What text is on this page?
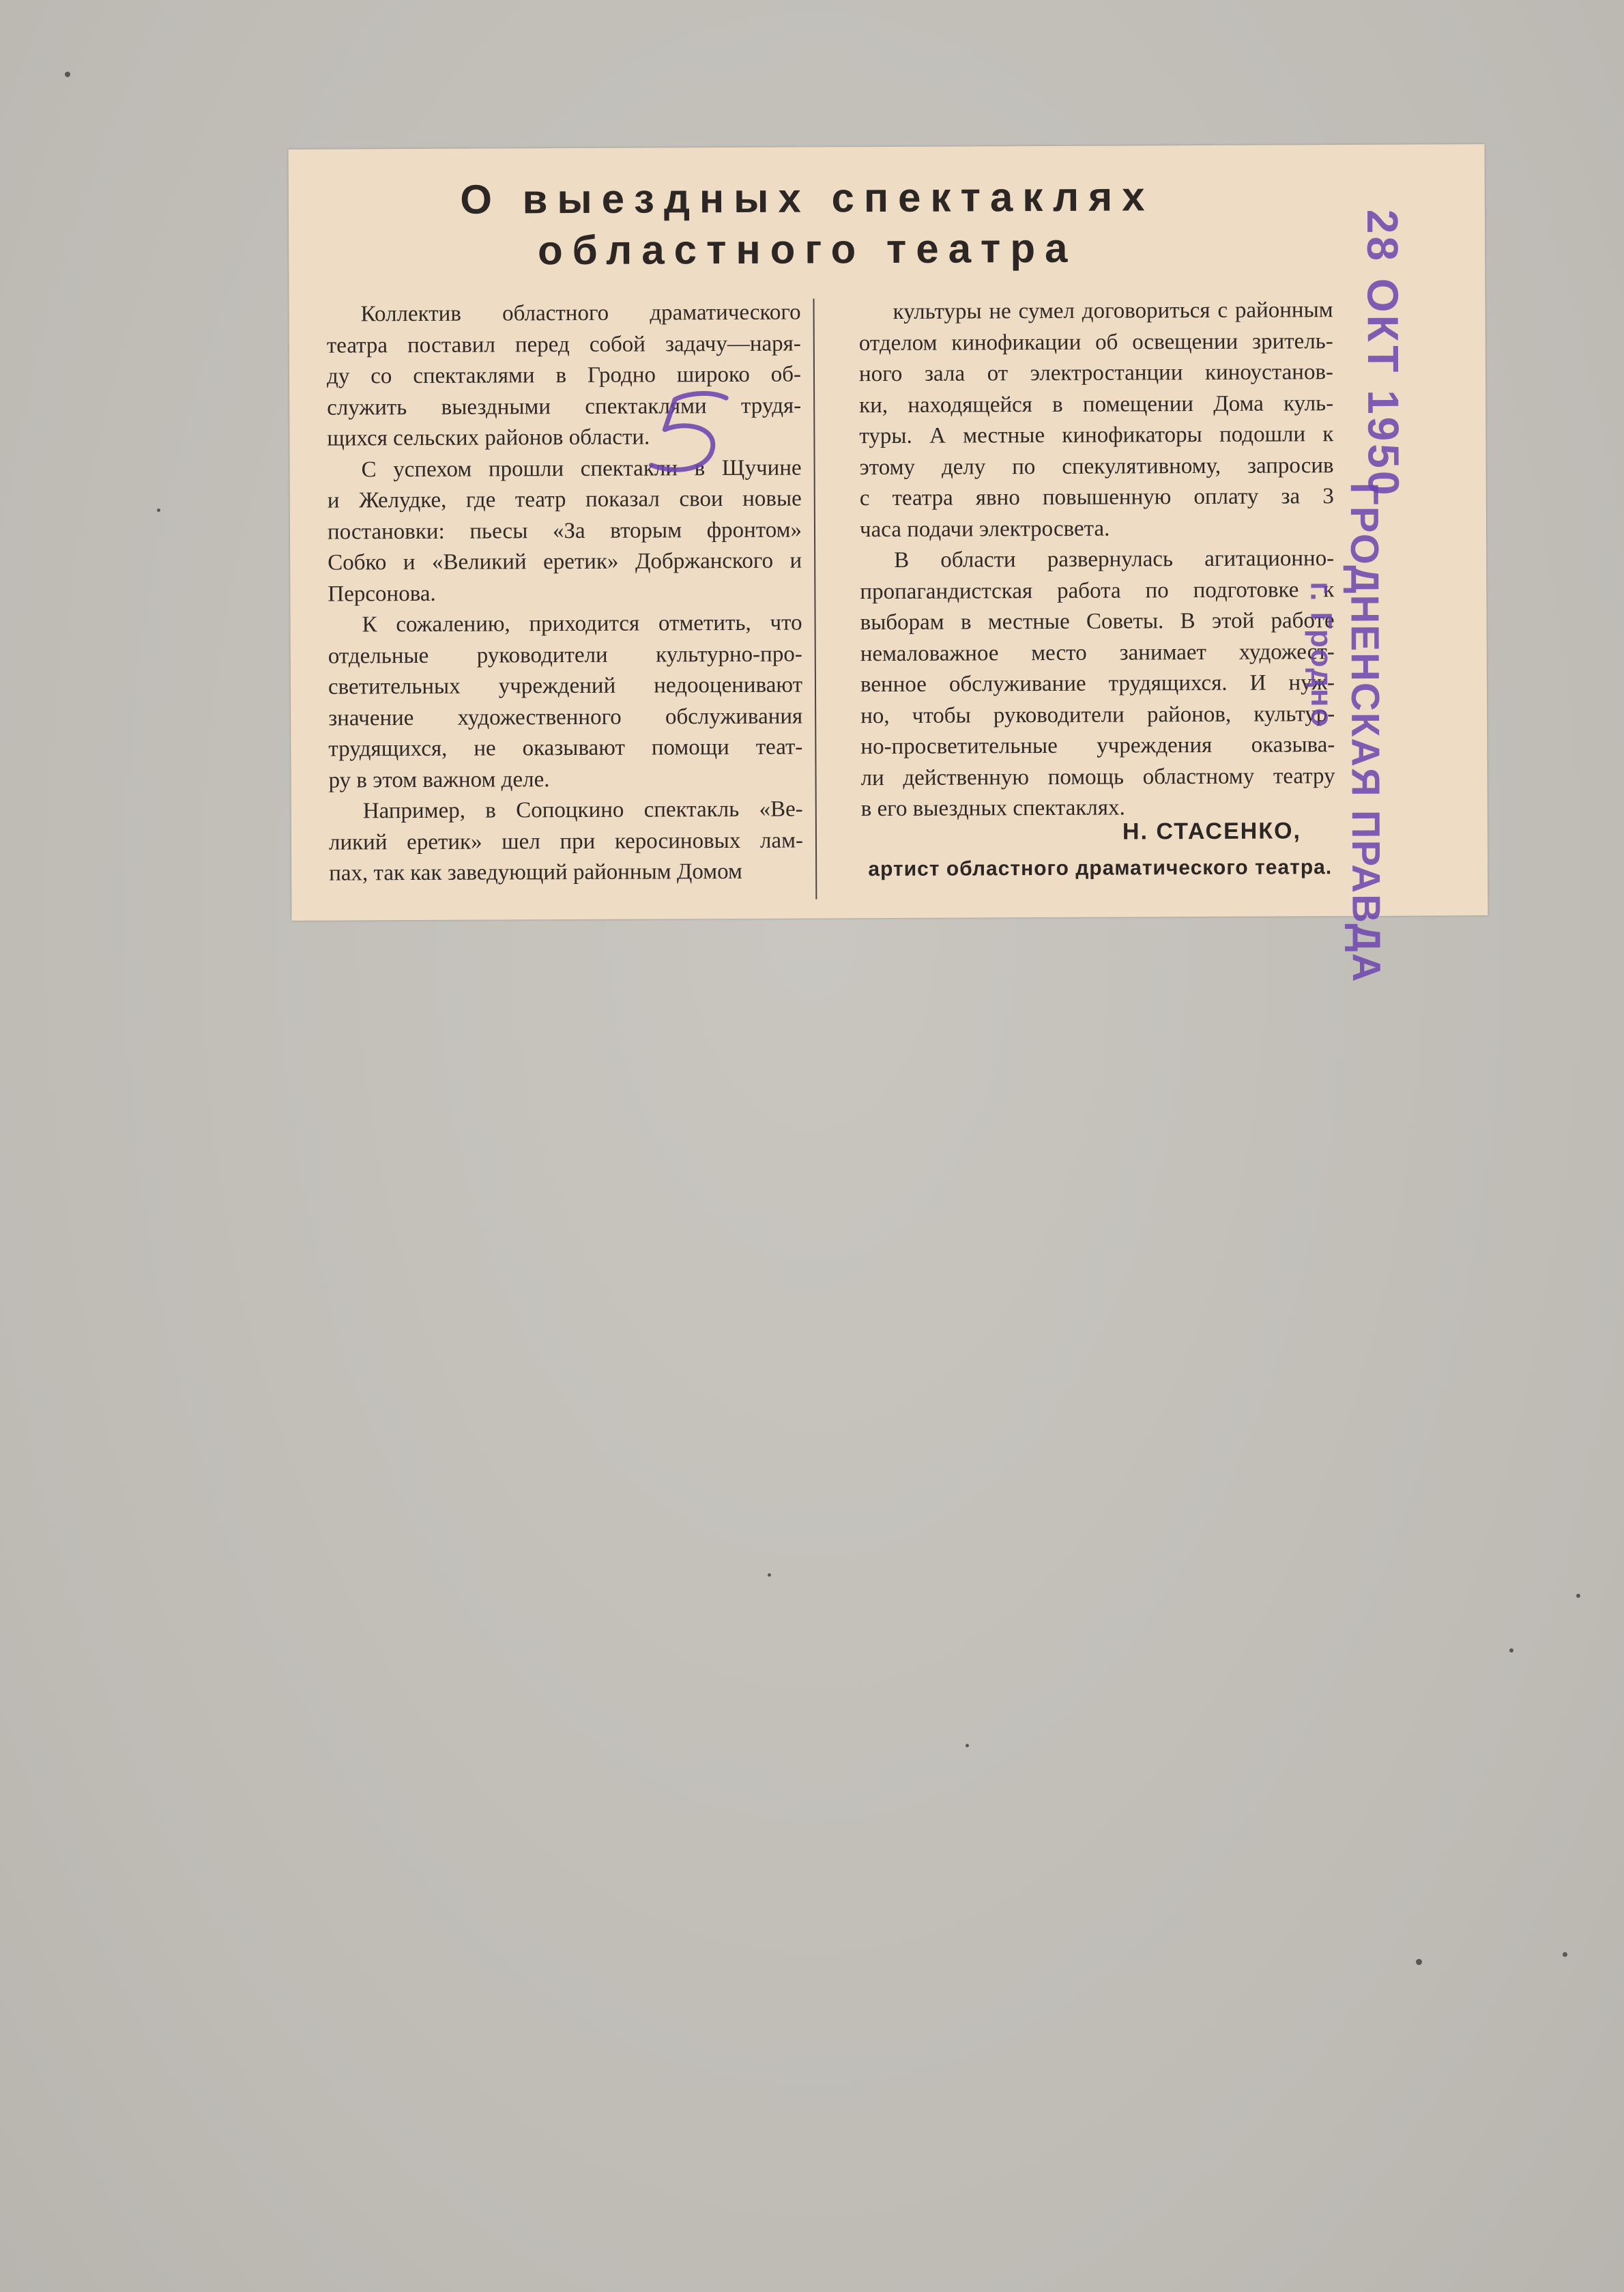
О выездных спектаклях
областного театра

Коллектив областного драматического
театра поставил перед собой задачу—наря-
ду со спектаклями в Гродно широко об-
служить выездными спектаклями трудя-
щихся сельских районов области.

С успехом прошли спектакли в Щучине
и Желудке, где театр показал свои новые
постановки: пьесы «За вторым фронтом»
Собко и «Великий еретик» Добржанского и
Персонова.

К сожалению, приходится отметить, что
отдельные руководители культурно-про-
светительных учреждений недооценивают
значение художественного обслуживания
трудящихся, не оказывают помощи теат-
ру в этом важном деле.

Например, в Сопоцкино спектакль «Ве-
ликий еретик» шел при керосиновых лам-
пах, так как заведующий районным Домом

культуры не сумел договориться с районным
отделом кинофикации об освещении зритель-
ного зала от электростанции киноустанов-
ки, находящейся в помещении Дома куль-
туры. А местные кинофикаторы подошли к
этому делу по спекулятивному, запросив
с театра явно повышенную оплату за 3
часа подачи электросвета.

В области развернулась агитационно-
пропагандистская работа по подготовке к
выборам в местные Советы. В этой работе
немаловажное место занимает художест-
венное обслуживание трудящихся. И нуж-
но, чтобы руководители районов, культур-
но-просветительные учреждения оказыва-
ли действенную помощь областному театру
в его выездных спектаклях.

Н. СТАСЕНКО,
артист областного драматического театра.
28 ОКТ 1950
ГРОДНЕНСКАЯ ПРАВДА
г. Гродно
